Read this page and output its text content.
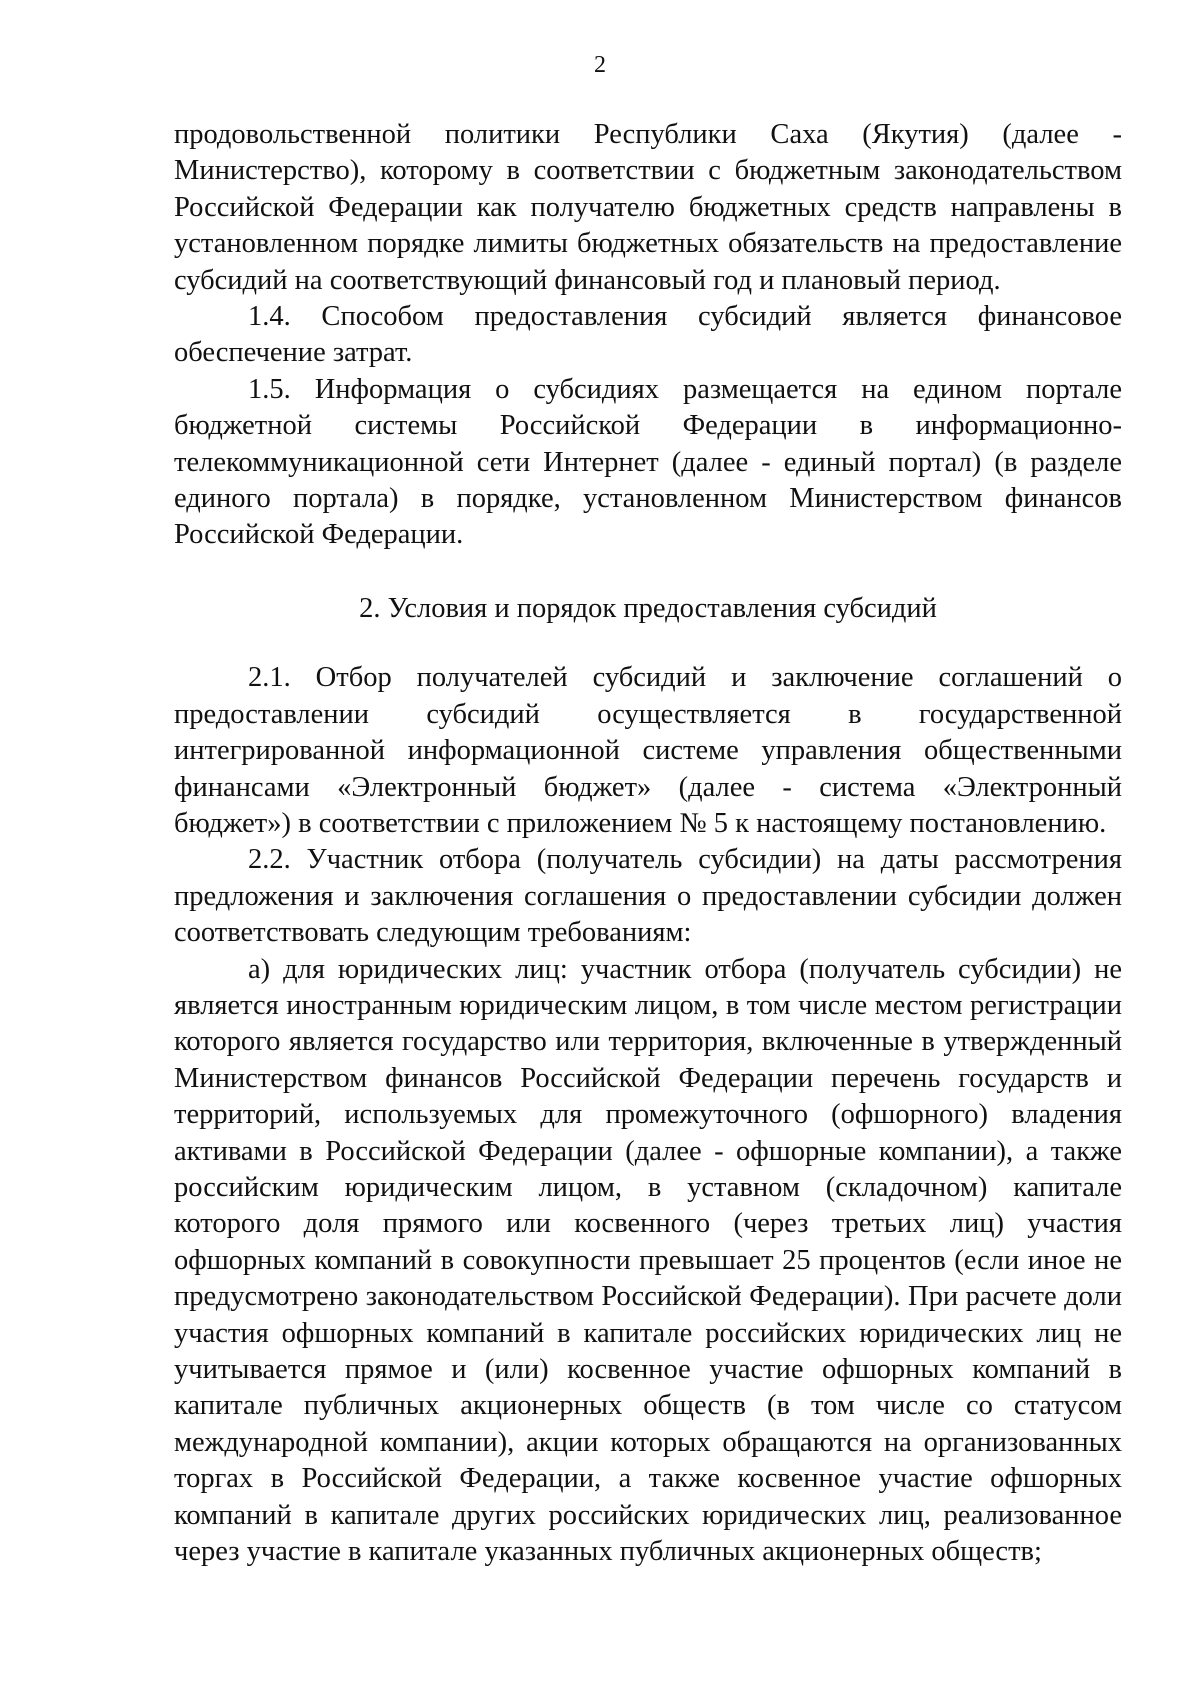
2

продовольственной политики Республики Саха (Якутия) (далее - Министерство), которому в соответствии с бюджетным законодательством Российской Федерации как получателю бюджетных средств направлены в установленном порядке лимиты бюджетных обязательств на предоставление субсидий на соответствующий финансовый год и плановый период.

1.4. Способом предоставления субсидий является финансовое обеспечение затрат.

1.5. Информация о субсидиях размещается на едином портале бюджетной системы Российской Федерации в информационно-телекоммуникационной сети Интернет (далее - единый портал) (в разделе единого портала) в порядке, установленном Министерством финансов Российской Федерации.

2. Условия и порядок предоставления субсидий

2.1. Отбор получателей субсидий и заключение соглашений о предоставлении субсидий осуществляется в государственной интегрированной информационной системе управления общественными финансами «Электронный бюджет» (далее - система «Электронный бюджет») в соответствии с приложением № 5 к настоящему постановлению.

2.2. Участник отбора (получатель субсидии) на даты рассмотрения предложения и заключения соглашения о предоставлении субсидии должен соответствовать следующим требованиям:

а) для юридических лиц: участник отбора (получатель субсидии) не является иностранным юридическим лицом, в том числе местом регистрации которого является государство или территория, включенные в утвержденный Министерством финансов Российской Федерации перечень государств и территорий, используемых для промежуточного (офшорного) владения активами в Российской Федерации (далее - офшорные компании), а также российским юридическим лицом, в уставном (складочном) капитале которого доля прямого или косвенного (через третьих лиц) участия офшорных компаний в совокупности превышает 25 процентов (если иное не предусмотрено законодательством Российской Федерации). При расчете доли участия офшорных компаний в капитале российских юридических лиц не учитывается прямое и (или) косвенное участие офшорных компаний в капитале публичных акционерных обществ (в том числе со статусом международной компании), акции которых обращаются на организованных торгах в Российской Федерации, а также косвенное участие офшорных компаний в капитале других российских юридических лиц, реализованное через участие в капитале указанных публичных акционерных обществ;
